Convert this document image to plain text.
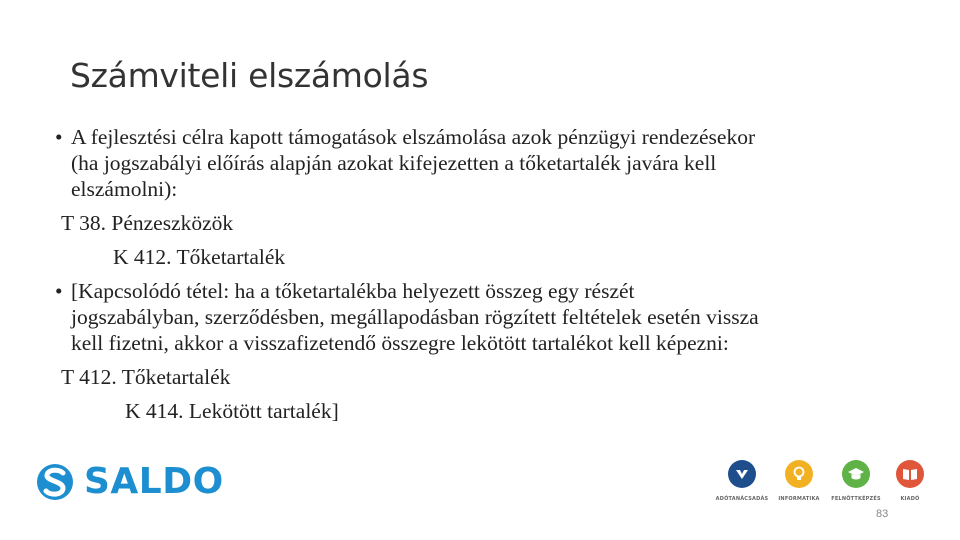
Számviteli elszámolás
• A fejlesztési célra kapott támogatások elszámolása azok pénzügyi rendezésekor
(ha jogszabályi előírás alapján azokat kifejezetten a tőketartalék javára kell
elszámolni):
T 38. Pénzeszközök
K 412. Tőketartalék
• [Kapcsolódó tétel: ha a tőketartalékba helyezett összeg egy részét
jogszabályban, szerződésben, megállapodásban rögzített feltételek esetén vissza
kell fizetni, akkor a visszafizetendő összegre lekötött tartalékot kell képezni:
T 412. Tőketartalék
K 414. Lekötött tartalék]
SALDO	ADÓTANÁCSADÁS	INFORMATIKA	FELNŐTTKÉPZÉS	KIADÓ
83
